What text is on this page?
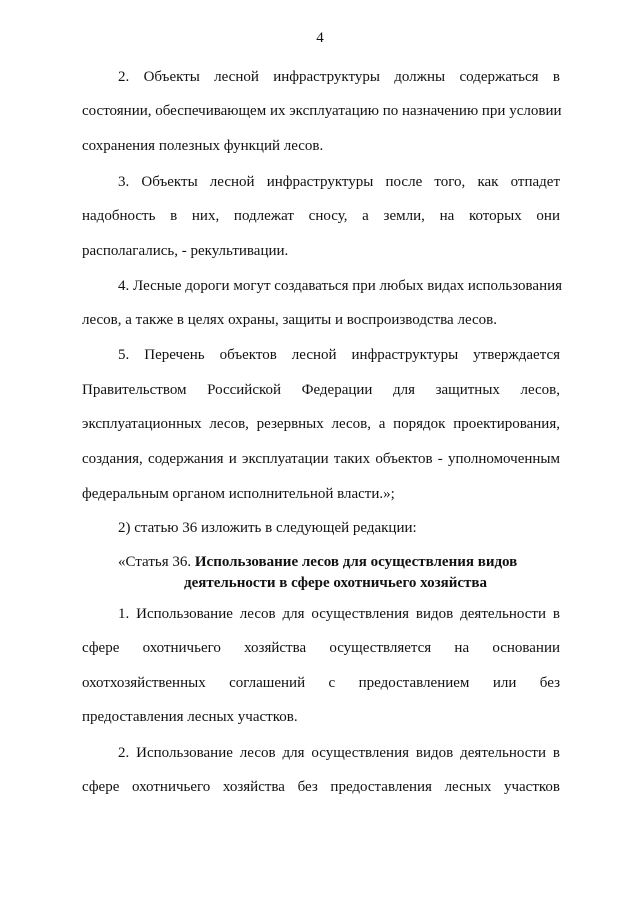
4
2. Объекты лесной инфраструктуры должны содержаться в
состоянии, обеспечивающем их эксплуатацию по назначению при условии
сохранения полезных функций лесов.
3. Объекты лесной инфраструктуры после того, как отпадет
надобность в них, подлежат сносу, а земли, на которых они
располагались, - рекультивации.
4. Лесные дороги могут создаваться при любых видах использования
лесов, а также в целях охраны, защиты и воспроизводства лесов.
5. Перечень объектов лесной инфраструктуры утверждается
Правительством Российской Федерации для защитных лесов,
эксплуатационных лесов, резервных лесов, а порядок проектирования,
создания, содержания и эксплуатации таких объектов - уполномоченным
федеральным органом исполнительной власти.»;
2) статью 36 изложить в следующей редакции:
«Статья 36. Использование лесов для осуществления видов
деятельности в сфере охотничьего хозяйства
1. Использование лесов для осуществления видов деятельности в
сфере охотничьего хозяйства осуществляется на основании
охотхозяйственных соглашений с предоставлением или без
предоставления лесных участков.
2. Использование лесов для осуществления видов деятельности в
сфере охотничьего хозяйства без предоставления лесных участков
